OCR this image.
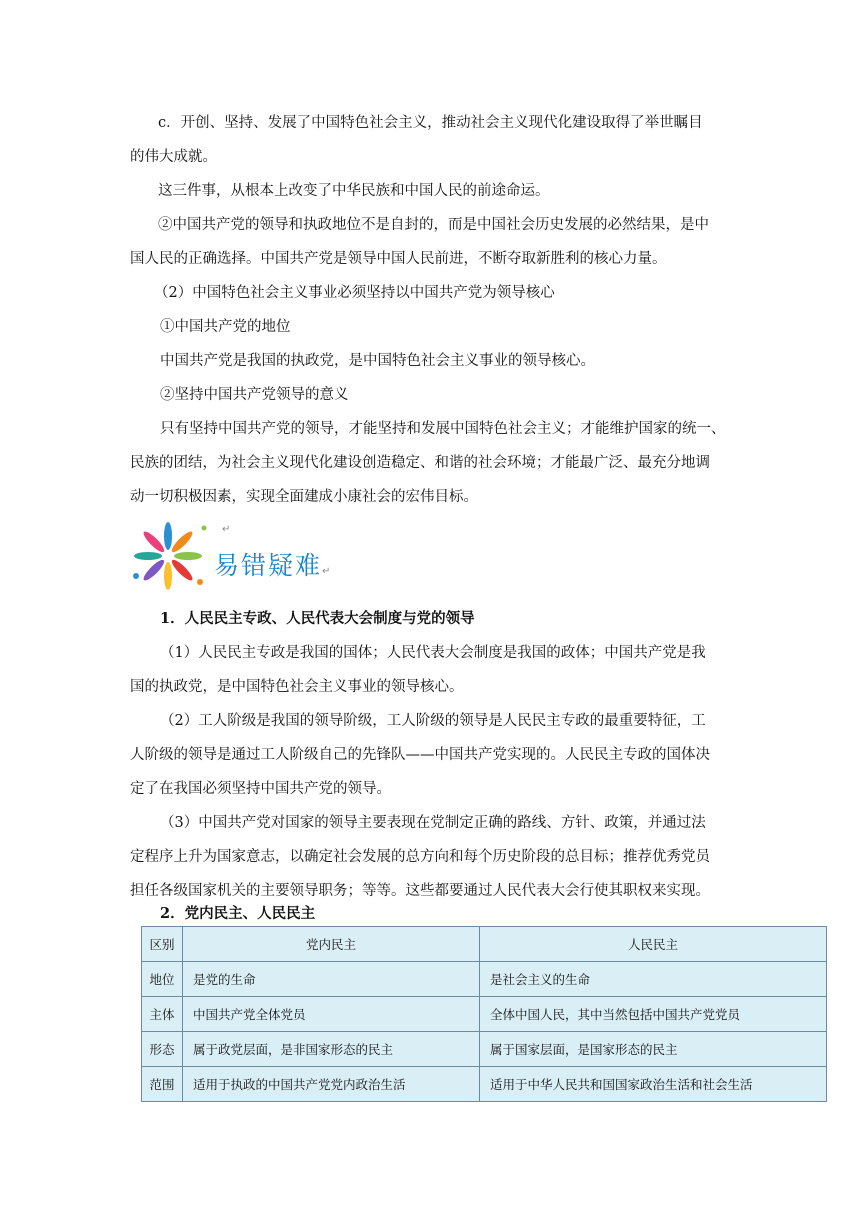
c．开创、坚持、发展了中国特色社会主义，推动社会主义现代化建设取得了举世瞩目

的伟大成就。

这三件事，从根本上改变了中华民族和中国人民的前途命运。

②中国共产党的领导和执政地位不是自封的，而是中国社会历史发展的必然结果，是中

国人民的正确选择。中国共产党是领导中国人民前进，不断夺取新胜利的核心力量。

（2）中国特色社会主义事业必须坚持以中国共产党为领导核心

①中国共产党的地位

中国共产党是我国的执政党，是中国特色社会主义事业的领导核心。

②坚持中国共产党领导的意义

只有坚持中国共产党的领导，才能坚持和发展中国特色社会主义；才能维护国家的统一、

民族的团结，为社会主义现代化建设创造稳定、和谐的社会环境；才能最广泛、最充分地调

动一切积极因素，实现全面建成小康社会的宏伟目标。

易错疑难
↵
↵

1．人民民主专政、人民代表大会制度与党的领导

（1）人民民主专政是我国的国体；人民代表大会制度是我国的政体；中国共产党是我

国的执政党，是中国特色社会主义事业的领导核心。

（2）工人阶级是我国的领导阶级，工人阶级的领导是人民民主专政的最重要特征，工

人阶级的领导是通过工人阶级自己的先锋队——中国共产党实现的。人民民主专政的国体决

定了在我国必须坚持中国共产党的领导。

（3）中国共产党对国家的领导主要表现在党制定正确的路线、方针、政策，并通过法

定程序上升为国家意志，以确定社会发展的总方向和每个历史阶段的总目标；推荐优秀党员

担任各级国家机关的主要领导职务；等等。这些都要通过人民代表大会行使其职权来实现。

2．党内民主、人民民主

区别	党内民主	人民民主
地位	是党的生命	是社会主义的生命
主体	中国共产党全体党员	全体中国人民，其中当然包括中国共产党党员
形态	属于政党层面，是非国家形态的民主	属于国家层面，是国家形态的民主
范围	适用于执政的中国共产党党内政治生活	适用于中华人民共和国国家政治生活和社会生活
